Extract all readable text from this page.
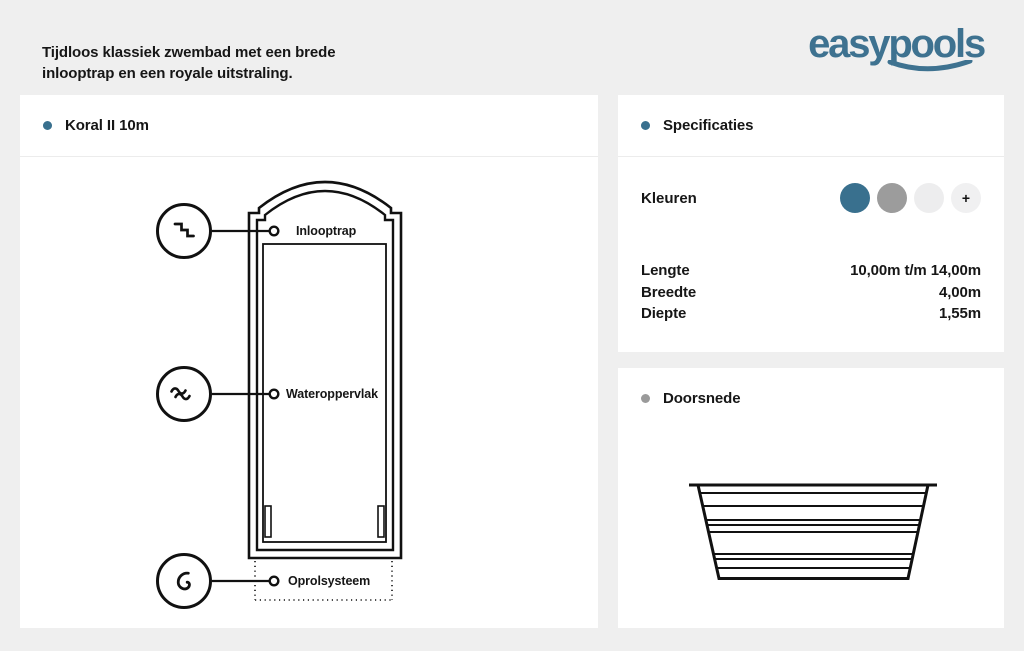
Tijdloos klassiek zwembad met een brede inlooptrap en een royale uitstraling.

easypools
Koral II 10m
Inlooptrap
Wateroppervlak
Oprolsysteem
Specificaties
Kleuren	+
Lengte	10,00m t/m 14,00m
Breedte	4,00m
Diepte	1,55m
Doorsnede
